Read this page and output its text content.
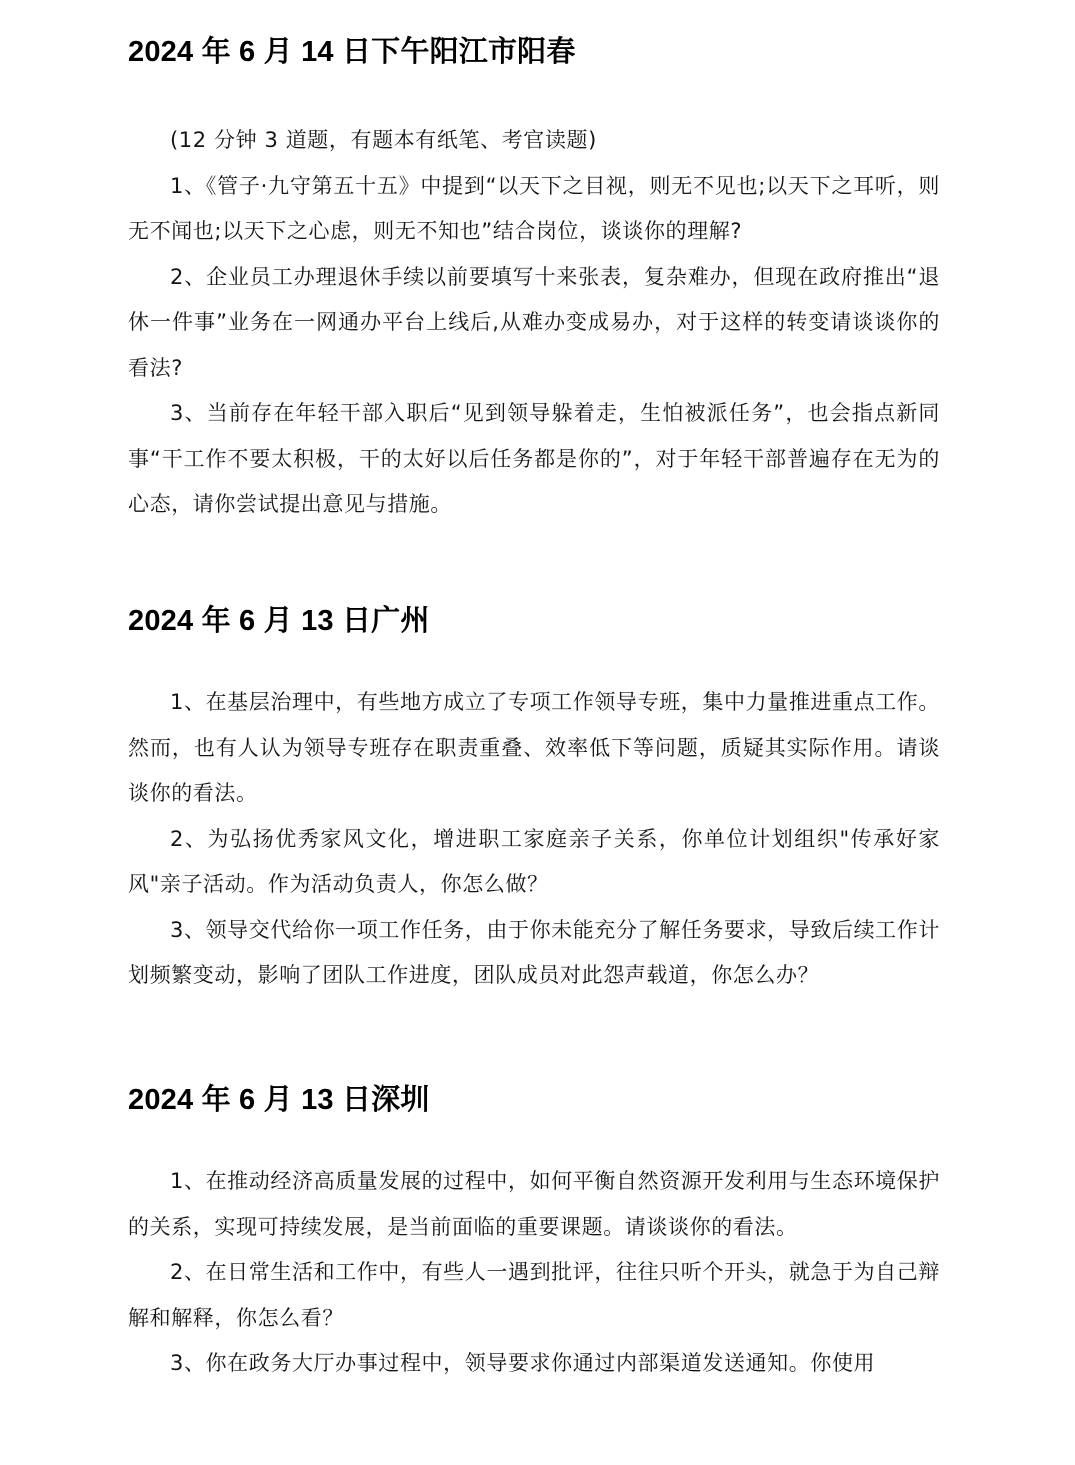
2024 年 6 月 14 日下午阳江市阳春

(12 分钟 3 道题，有题本有纸笔、考官读题)

1、《管子·九守第五十五》中提到“以天下之目视，则无不见也;以天下之耳听，则无不闻也;以天下之心虑，则无不知也”结合岗位，谈谈你的理解?

2、企业员工办理退休手续以前要填写十来张表，复杂难办，但现在政府推出“退休一件事”业务在一网通办平台上线后,从难办变成易办，对于这样的转变请谈谈你的看法?

3、当前存在年轻干部入职后“见到领导躲着走，生怕被派任务”，也会指点新同事“干工作不要太积极，干的太好以后任务都是你的”，对于年轻干部普遍存在无为的心态，请你尝试提出意见与措施。

2024 年 6 月 13 日广州

1、在基层治理中，有些地方成立了专项工作领导专班，集中力量推进重点工作。然而，也有人认为领导专班存在职责重叠、效率低下等问题，质疑其实际作用。请谈谈你的看法。

2、为弘扬优秀家风文化，增进职工家庭亲子关系，你单位计划组织"传承好家风"亲子活动。作为活动负责人，你怎么做？

3、领导交代给你一项工作任务，由于你未能充分了解任务要求，导致后续工作计划频繁变动，影响了团队工作进度，团队成员对此怨声载道，你怎么办？

2024 年 6 月 13 日深圳

1、在推动经济高质量发展的过程中，如何平衡自然资源开发利用与生态环境保护的关系，实现可持续发展，是当前面临的重要课题。请谈谈你的看法。

2、在日常生活和工作中，有些人一遇到批评，往往只听个开头，就急于为自己辩解和解释，你怎么看？

3、你在政务大厅办事过程中，领导要求你通过内部渠道发送通知。你使用
